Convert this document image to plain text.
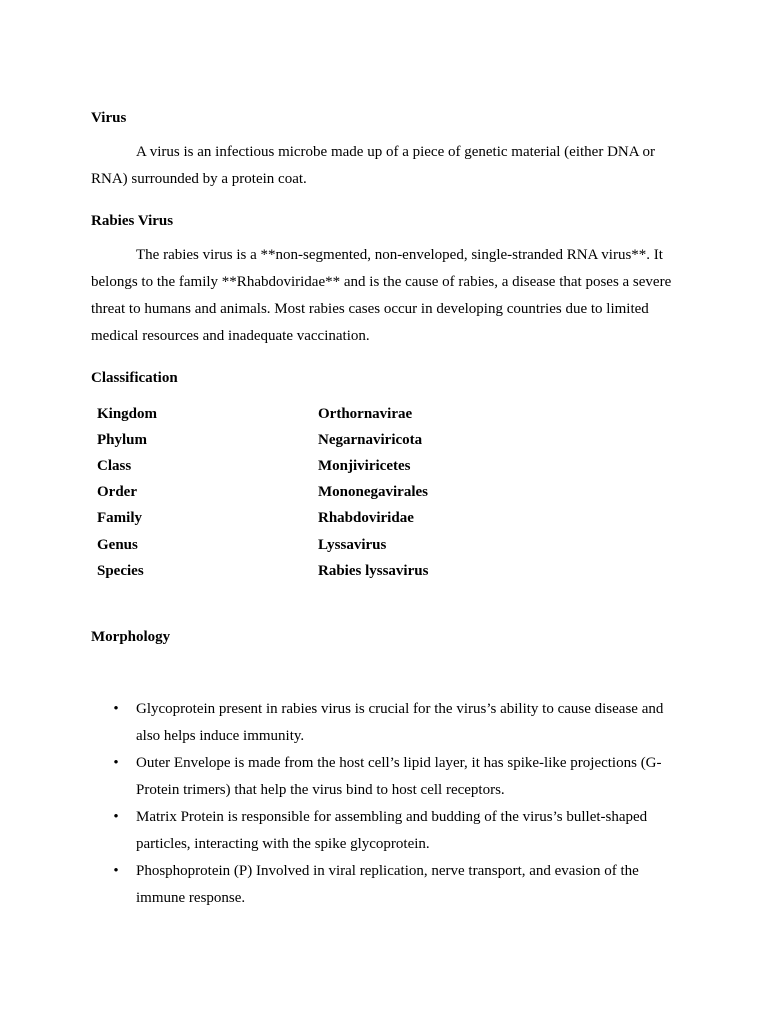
Virus
A virus is an infectious microbe made up of a piece of genetic material (either DNA or RNA) surrounded by a protein coat.
Rabies Virus
The rabies virus is a **non-segmented, non-enveloped, single-stranded RNA virus**. It belongs to the family **Rhabdoviridae** and is the cause of rabies, a disease that poses a severe threat to humans and animals. Most rabies cases occur in developing countries due to limited medical resources and inadequate vaccination.
Classification
Kingdom	Orthornavirae
Phylum	Negarnaviricota
Class	Monjiviricetes
Order	Mononegavirales
Family	Rhabdoviridae
Genus	Lyssavirus
Species	Rabies lyssavirus
Morphology
• Glycoprotein present in rabies virus is crucial for the virus’s ability to cause disease and also helps induce immunity.
• Outer Envelope is made from the host cell’s lipid layer, it has spike-like projections (G-Protein trimers) that help the virus bind to host cell receptors.
• Matrix Protein is responsible for assembling and budding of the virus’s bullet-shaped particles, interacting with the spike glycoprotein.
• Phosphoprotein (P) Involved in viral replication, nerve transport, and evasion of the immune response.
